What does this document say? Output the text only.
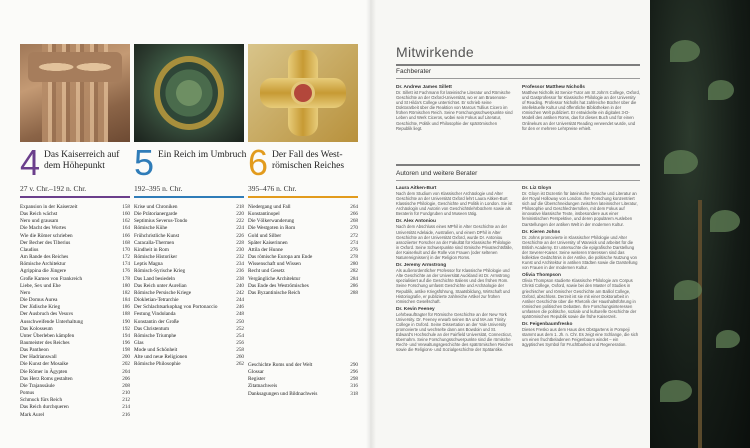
4 Das Kaiserreich auf dem Höhepunkt
27 v. Chr.–192 n. Chr.
5 Ein Reich im Umbruch
192–395 n. Chr.
6 Der Fall des Weströmischen Reiches
395–476 n. Chr.
Expansion in der Kaiserzeit	158
Das Reich wächst	160
Nero und grausam	162
Die Macht des Wortes	164
Wie die Römer schrieben	166
Der Becher des Tiberius	168
Claudius	170
Am Rande des Reiches	172
Römische Architektur	174
Agrippina die Jüngere	176
Große Kameo von Frankreich	178
Liebe, Sex und Ehe	180
Nero	182
Die Domus Aurea	184
Der Jüdische Krieg	186
Der Ausbruch des Vesuvs	188
Ausschweifende Unterhaltung	190
Das Kolosseum	192
Unter Überleben kämpfen	194
Baumeister des Reiches	196
Das Pantheon	198
Der Hadrianswall	200
Die Kunst der Mosaike	202
Die Römer in Ägypten	204
Das Herz Roms gestalten	206
Die Trajanssäule	208
Pomus	210
Schmuck fürs Reich	212
Das Reich durchqueren	214
Mark Aurel	216
Krise und Chroniken	218
Die Prätorianergarde	220
Septimius Severus-Tondo	222
Römische Kühe	224
Frühchristliche Kunst	226
Caracalla-Thermen	228
Kindheit in Rom	230
Römische Historiker	232
Leptis Magna	234
Römisch-Syrische Krieg	236
Das Land besiedeln	238
Das Reich unter Aurelian	240
Römische Persische Kriege	242
Diokletian-Tetrarchie	244
Der Schlachtsarkophag von Portonaccio	246
Festung Vindolanda	248
Konstantin der Große	250
Das Christentum	252
Römische Triumphe	254
Glas	256
Mode und Schönheit	258
Alte und neue Religionen	260
Römische Philosophie	262
Niedergang und Fall	264
Konstantinopel	266
Die Völkerwanderung	268
Die Westgoten in Rom	270
Gold und Silber	272
Später Kaiserinnen	274
Attila der Hunne	276
Das römische Europa am Ende	278
Wissenschaft und Wissen	280
Recht und Gesetz	282
Vergängliche Architektur	284
Das Ende des Weströmisches	286
Das Byzantinische Reich	288
Geschichte Roms und der Welt	290
Glossar	296
Register	298
Zitatnachweis	316
Danksagungen und Bildnachweis	318
Mitwirkende
Fachberater
Dr. Andrew James Sillett

Dr. Sillett ist Fachmann für lateinische Literatur und Römische Geschichte an der Oxford-Universität, wo er am Brasenose- und St Hilda's College unterrichtet. Er schrieb seine Doktorarbeit über die Reaktion von Marcus Tullius Cicero im frühen Römischen Reich. Seine Forschungsschwerpunkte sind Leben und Werk Ciceros, wobei sein Fokus auf Literatur, Geschichte, Politik und Philosophie der spätrömischen Republik liegt.

Professor Matthew Nicholls

Matthew Nicholls ist Senior-Tutor am St John's College, Oxford, und Gastprofessor für Klassische Philologie an der University of Reading. Professor Nicholls hat zahlreiche Bücher über die intellektuelle Kultur und öffentliche Bibliotheken in der römischen Welt publiziert. Er entwickelte ein digitales 3-D-Modell des antiken Roms, das für dieses Buch und für einen Onlinekurs an der Universität Reading verwendet wurde, und für den er mehrere Lehrpreise erhielt.

Autoren und weitere Berater
Laura Aitken-Burt

Nach dem Studium von Klassischer Archäologie und Alter Geschichte an der Universität Oxford lehrt Laura Aitken-Burt Klassische Philologie, Geschichte und Politik in London. Sie ist Archäologin und Autorin von Geschichtslehrbüchern sowie als Beraterin für Fundgruben und Museen tätig.

Dr. Alex Antoniou

Nach dem Abschluss eines MPhil in Alter Geschichte an der Universität Adelaide, Australien, und einem DPhil in Alter Geschichte an der Universität Oxford, wurde Dr. Antoniou assoziierter Forscher an der Fakultät für Klassische Philologie in Oxford. Seine Schwerpunkte sind römische Privatrechtsfälle, der Kaiserkult und die Rolle von Frauen (oder seltenen Naturereignissen) in der Religion Roms.

Dr. Jeremy Armstrong

Als außerordentlicher Professor für Klassische Philologie und Alte Geschichte an der Universität Auckland ist Dr. Armstrong spezialisiert auf die Geschichte Italiens und des frühen Rom. Seine Forschung umfasst Geschichte und Archäologie der Republik, antike Kriegsführung, Staatsbildung, Wirtschaft und Historiografie, er publizierte zahlreiche Artikel zur frühen römischen Gesellschaft.

Dr. Kevin Feeney

Lehrbeauftragter für Römische Geschichte an der New York University. Dr. Feeney erwarb seinen BA und MA am Trinity College in Oxford. Seine Dissertation an der Yale University promovierte und wechselte dann ans Bowdoin und St. Edward's Hochschule an der Fairfield Universität, Connecticut, übernahm. Seine Forschungsschwerpunkte sind die römische Recht- und Verwaltungsgeschichte des spätrömischen Reiches sowie die Religions- und Sozialgeschichte der Spätantike.

Dr. Liz Gloyn

Dr. Gloyn ist Dozentin für lateinische Sprache und Literatur an der Royal Holloway von London. Ihre Forschung konzentriert sich auf die Überschneidungen zwischen lateinischer Literatur, Philosophie und Geschlechterrollen, mit dem Fokus auf innovative klassische Texte, insbesondere aus einer feministischen Perspektive, und deren populärem Ausleben Darstellungen der antiken Welt in der modernen Kultur.

Dr. Kieren Johns

Dr. Johns promovierte in Klassischer Philologie und Alter Geschichte an der University of Warwick und arbeitet für die British Academy. Er untersuchte die epigrafische Darstellung der Severer-Kaiser. Seine weiteren Interessen sind das kollektive Gedächtnis in der Antike, die politische Nutzung von Kunst und Architektur in antiken Städten sowie die Darstellung von Frauen in der modernen Kultur.

Olivia Thompson

Olivia Thompson studierte Klassische Philologie am Corpus Christi College, Oxford, sowie bei den Master of Studies in griechischer und römischer Geschichte am Balliol College, Oxford, abschloss. Derzeit ist sie mit einer Doktorarbeit in Antiker Geschichte über die Rhetorik der Haushaltsführung in römischen politischen Debatten. Ihre Forschungsinteressen umfassen die politische, soziale und kulturelle Geschichte der spätrömischen Republik sowie die frühe Kaiserzeit.

Dr. Feigenbaumfresko

Dieses Fresko aus dem Haus des Obstgartens in Pompeji stammt aus dem 1. Jh. n. Chr. Es zeigt eine Schlange, die sich um einen fruchtbeladenen Feigenbaum windet – ein ägyptisches Symbol für Fruchtbarkeit und Regeneration.
